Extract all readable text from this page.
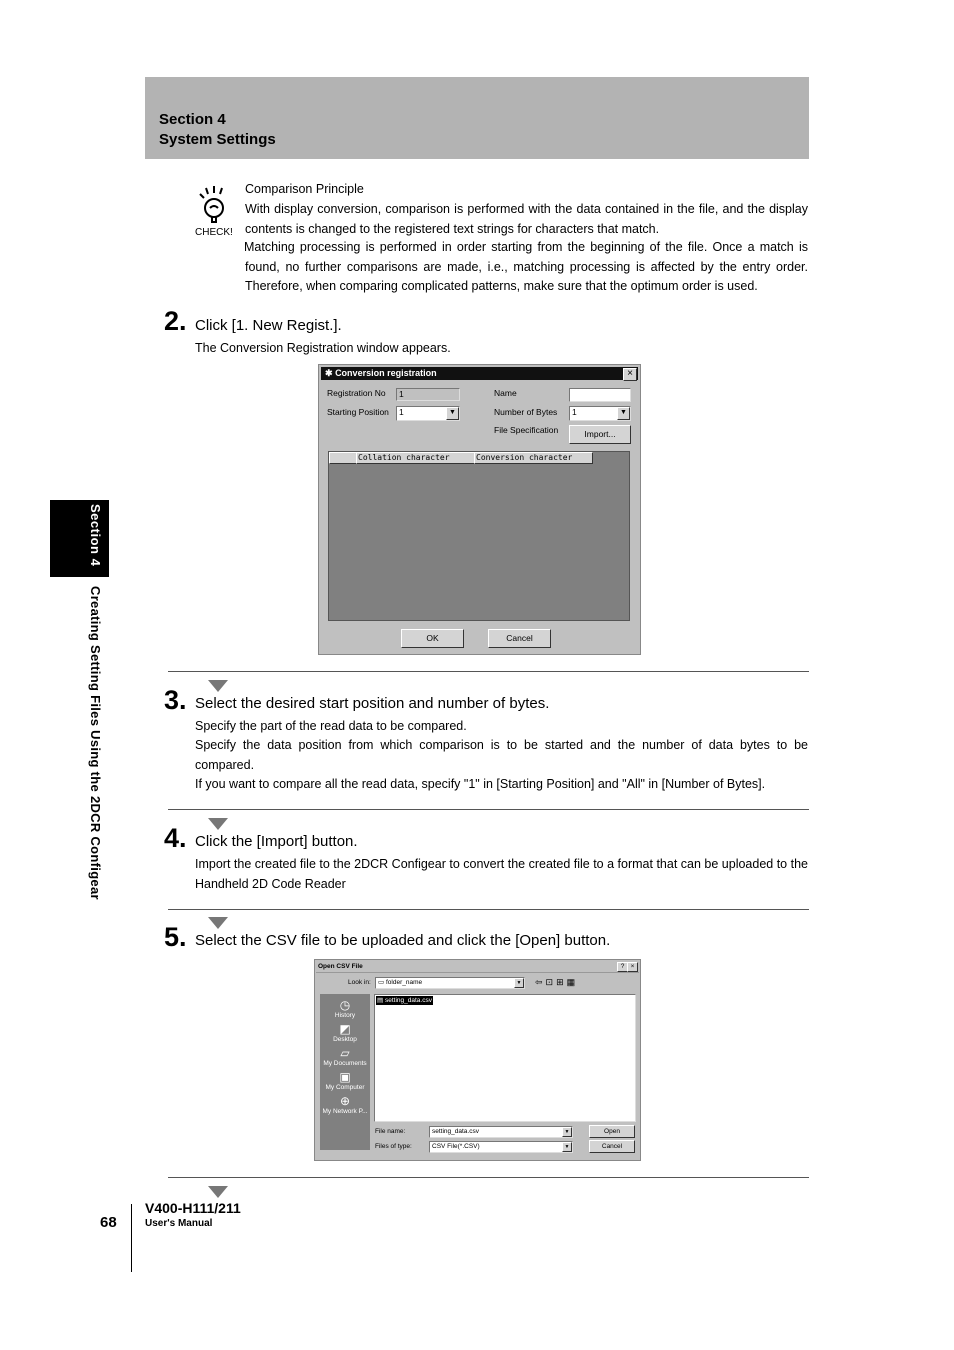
Section 4
System Settings
CHECK!
Comparison Principle
With display conversion, comparison is performed with the data contained in the file, and the display contents is changed to the registered text strings for characters that match.
Matching processing is performed in order starting from the beginning of the file. Once a match is found, no further comparisons are made, i.e., matching processing is affected by the entry order. Therefore, when comparing complicated patterns, make sure that the optimum order is used.
2. Click [1. New Regist.].
The Conversion Registration window appears.
✱ Conversion registration	×
Registration No	1
Starting Position	1	▼
Name
Number of Bytes	1	▼
File Specification	Import...
Collation character	Conversion character
OK	Cancel
3. Select the desired start position and number of bytes.
Specify the part of the read data to be compared.
Specify the data position from which comparison is to be started and the number of data bytes to be compared.
If you want to compare all the read data, specify "1" in [Starting Position] and "All" in [Number of Bytes].
4. Click the [Import] button.
Import the created file to the 2DCR Configear to convert the created file to a format that can be uploaded to the Handheld 2D Code Reader
5. Select the CSV file to be uploaded and click the [Open] button.
Open CSV File	? ×
Look in:	▭ folder_name	▼ ⇦⊡⊞▦
◷
History
◩
Desktop
▱
My Documents
▣
My Computer
⊕
My Network P...
▤ setting_data.csv
File name:	setting_data.csv	▼
Files of type:	CSV File(*.CSV)	▼
Open
Cancel
Section 4
Creating Setting Files Using the 2DCR Configear
68
V400-H111/211
User's Manual
